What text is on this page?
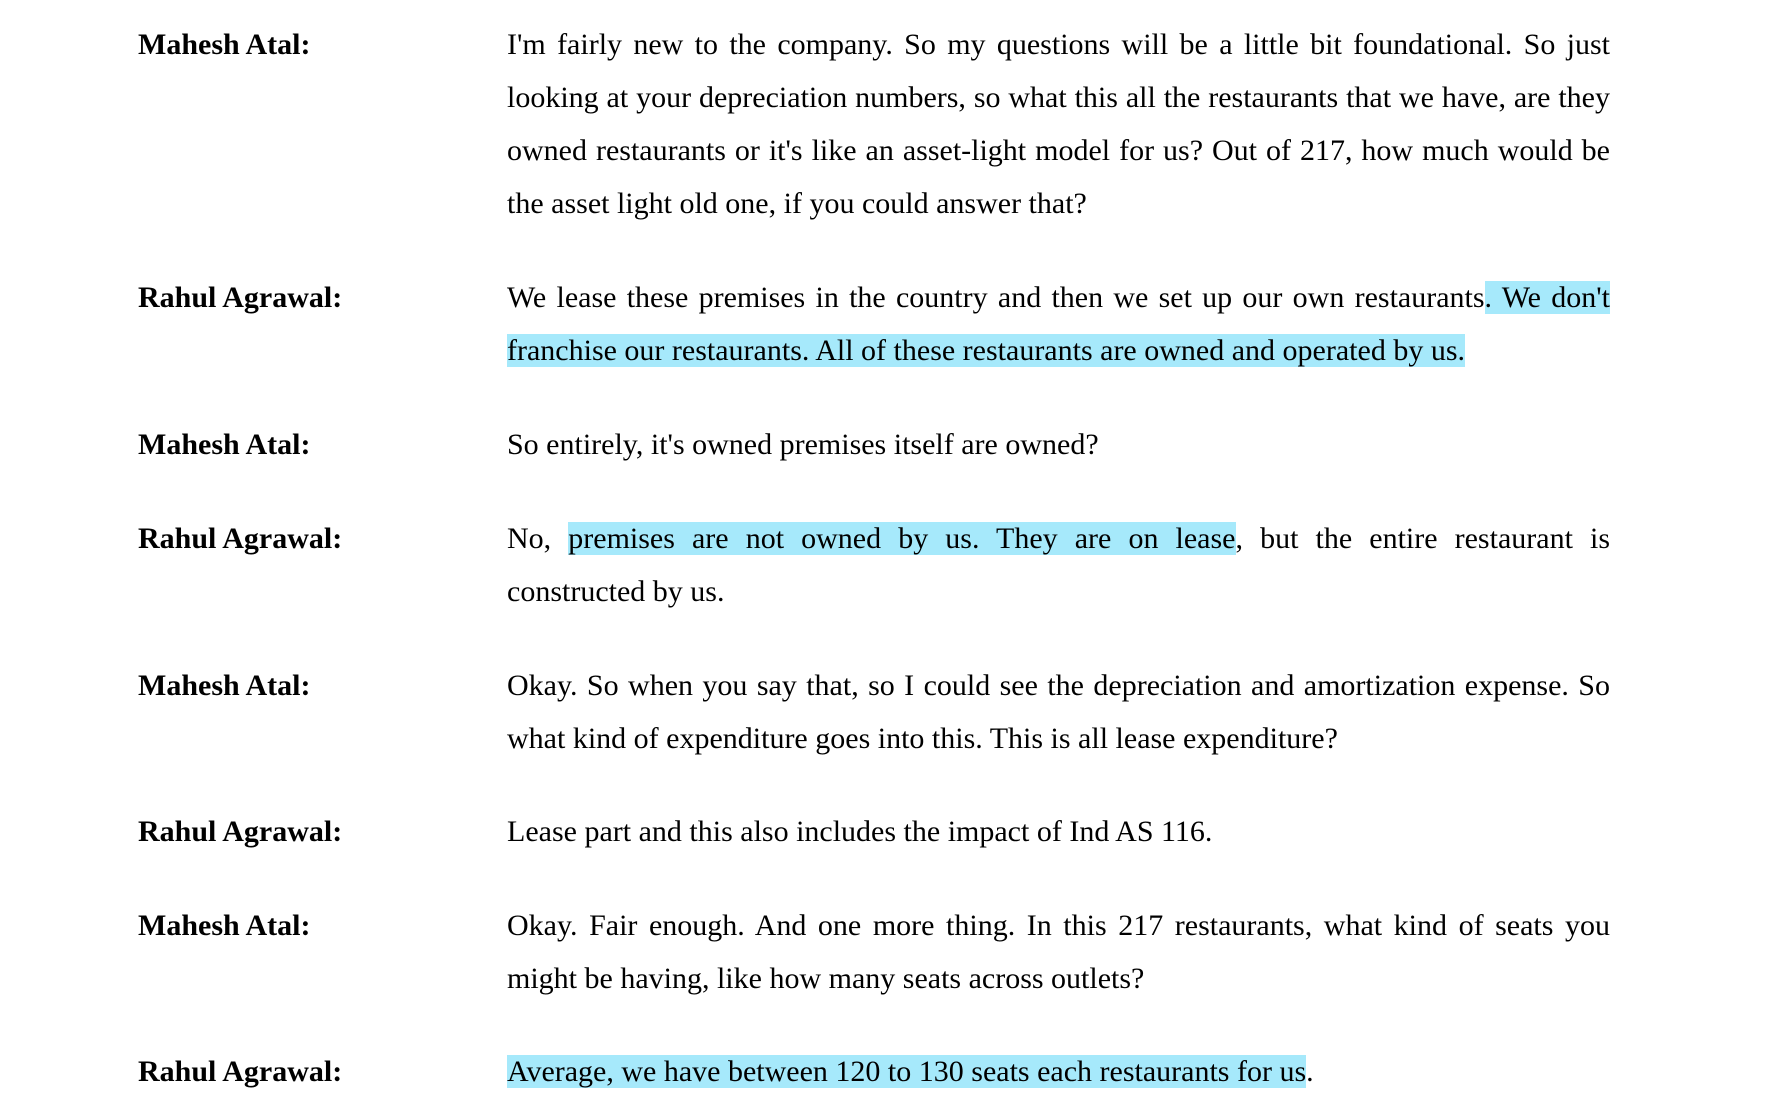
Mahesh Atal:	I'm fairly new to the company. So my questions will be a little bit foundational. So just looking at your depreciation numbers, so what this all the restaurants that we have, are they owned restaurants or it's like an asset-light model for us? Out of 217, how much would be the asset light old one, if you could answer that?
Rahul Agrawal:	We lease these premises in the country and then we set up our own restaurants. We don't franchise our restaurants. All of these restaurants are owned and operated by us.
Mahesh Atal:	So entirely, it's owned premises itself are owned?
Rahul Agrawal:	No, premises are not owned by us. They are on lease, but the entire restaurant is constructed by us.
Mahesh Atal:	Okay. So when you say that, so I could see the depreciation and amortization expense. So what kind of expenditure goes into this. This is all lease expenditure?
Rahul Agrawal:	Lease part and this also includes the impact of Ind AS 116.
Mahesh Atal:	Okay. Fair enough. And one more thing. In this 217 restaurants, what kind of seats you might be having, like how many seats across outlets?
Rahul Agrawal:	Average, we have between 120 to 130 seats each restaurants for us.
